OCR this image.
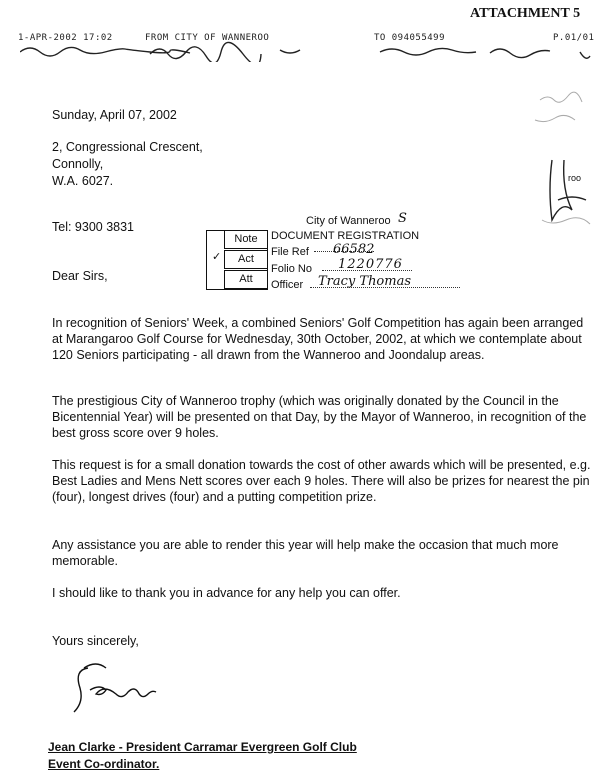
ATTACHMENT 5
1-APR-2002 17:02	FROM CITY OF WANNEROO	TO 094055499	P.01/01
Sunday, April 07, 2002
2, Congressional Crescent,
Connolly,
W.A. 6027.
Tel: 9300 3831	City of Wanneroo S
Note
Act
Att
✓
DOCUMENT REGISTRATION
File Ref 66582
Folio No 1220776
Officer Tracy Thomas
roo
Dear Sirs,
In recognition of Seniors' Week, a combined Seniors' Golf Competition has again been arranged at Marangaroo Golf Course for Wednesday, 30th October, 2002, at which we contemplate about 120 Seniors participating - all drawn from the Wanneroo and Joondalup areas.
The prestigious City of Wanneroo trophy (which was originally donated by the Council in the Bicentennial Year) will be presented on that Day, by the Mayor of Wanneroo, in recognition of the best gross score over 9 holes.
This request is for a small donation towards the cost of other awards which will be presented, e.g. Best Ladies and Mens Nett scores over each 9 holes. There will also be prizes for nearest the pin (four), longest drives (four) and a putting competition prize.
Any assistance you are able to render this year will help make the occasion that much more memorable.
I should like to thank you in advance for any help you can offer.
Yours sincerely,
Jean Clarke - President Carramar Evergreen Golf Club
Event Co-ordinator.
